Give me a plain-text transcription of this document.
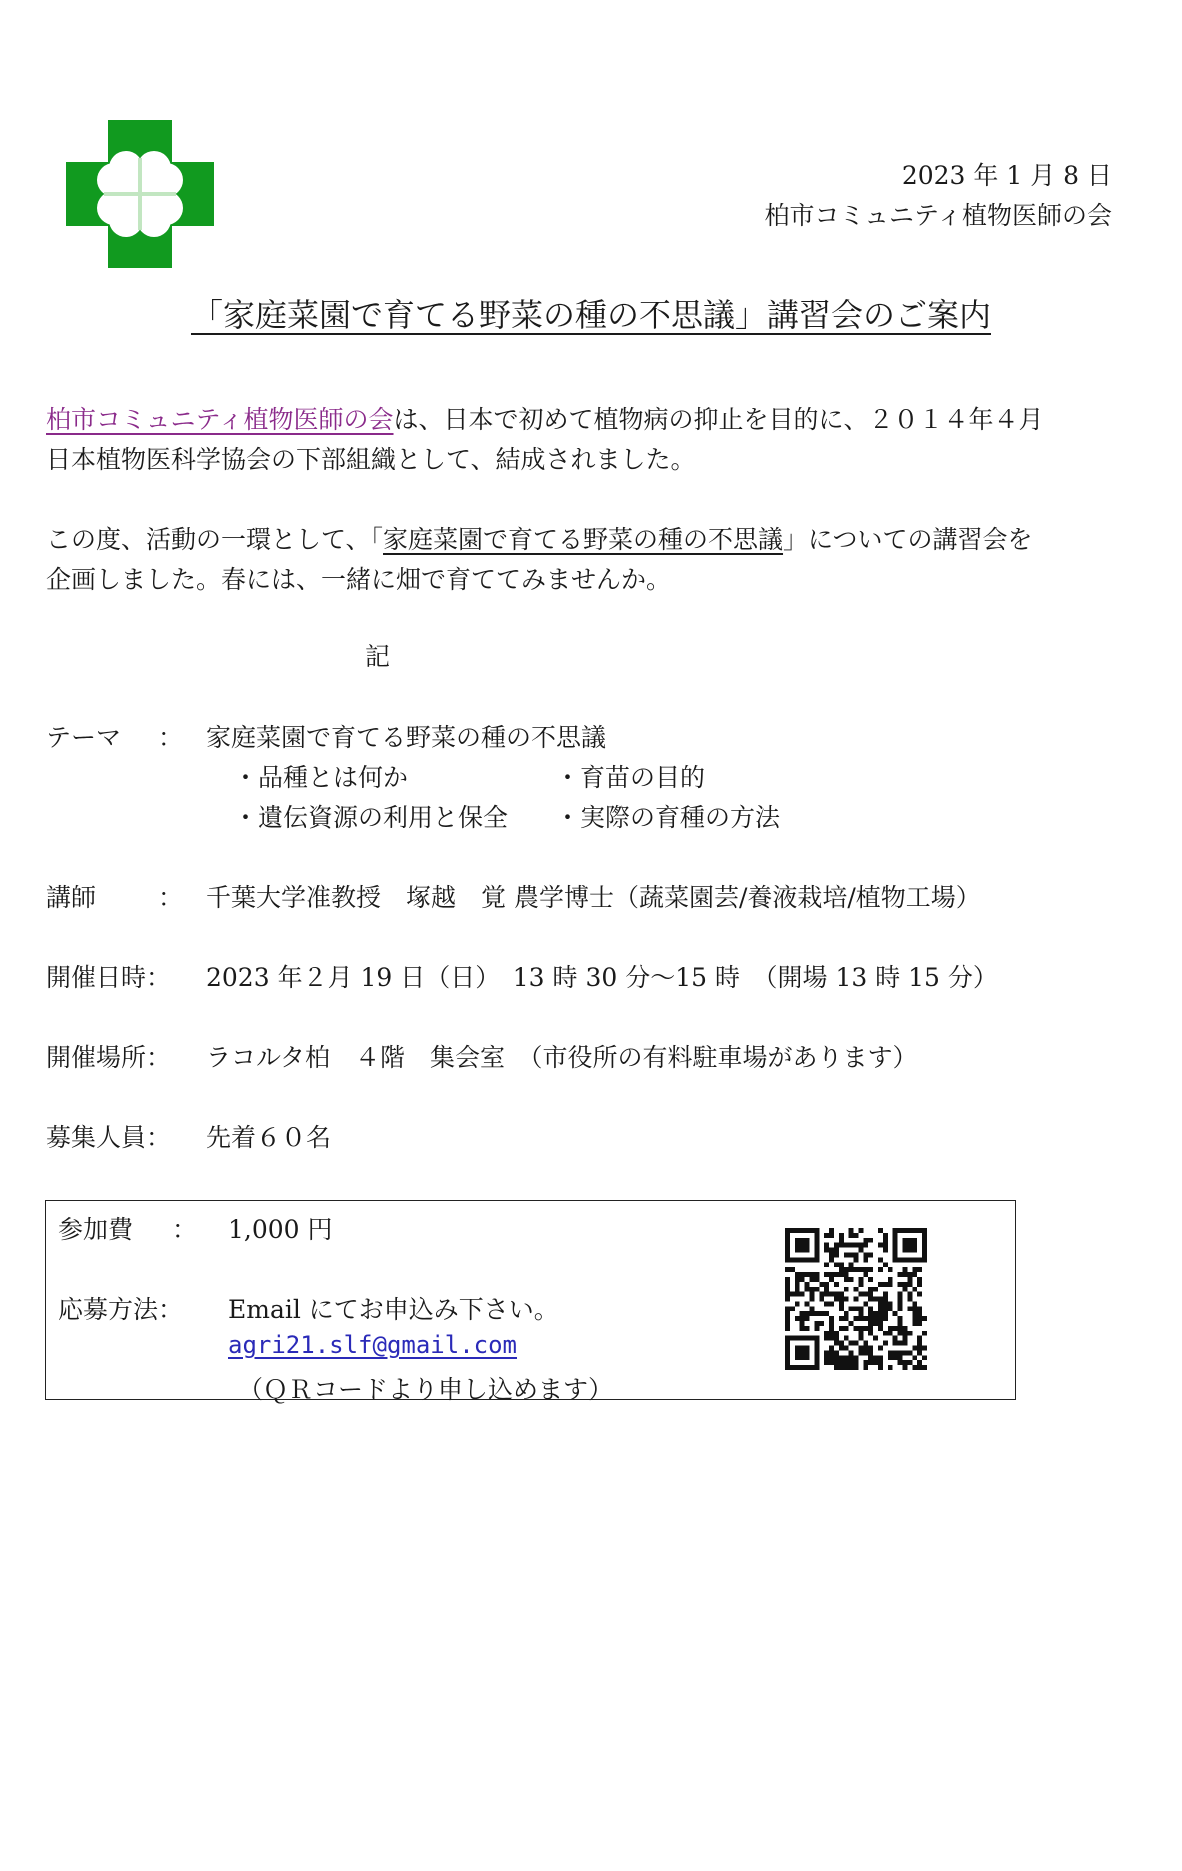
2023 年 1 月 8 日
柏市コミュニティ植物医師の会
「家庭菜園で育てる野菜の種の不思議」講習会のご案内
柏市コミュニティ植物医師の会は、日本で初めて植物病の抑止を目的に、２０１４年４月
日本植物医科学協会の下部組織として、結成されました。
この度、活動の一環として、「家庭菜園で育てる野菜の種の不思議」についての講習会を
企画しました。春には、一緒に畑で育ててみませんか。
記
テーマ ： 家庭菜園で育てる野菜の種の不思議
・品種とは何か	・育苗の目的
・遺伝資源の利用と保全 ・実際の育種の方法
講師 ： 千葉大学准教授　塚越　覚 農学博士（蔬菜園芸/養液栽培/植物工場）
開催日時： 2023 年２月 19 日（日）　13 時 30 分～15 時　（開場 13 時 15 分）
開催場所： ラコルタ柏　４階　集会室　（市役所の有料駐車場があります）
募集人員： 先着６０名
参加費 ： 1,000 円
応募方法： Email にてお申込み下さい。
agri21.slf@gmail.com
（ＱＲコードより申し込めます）
